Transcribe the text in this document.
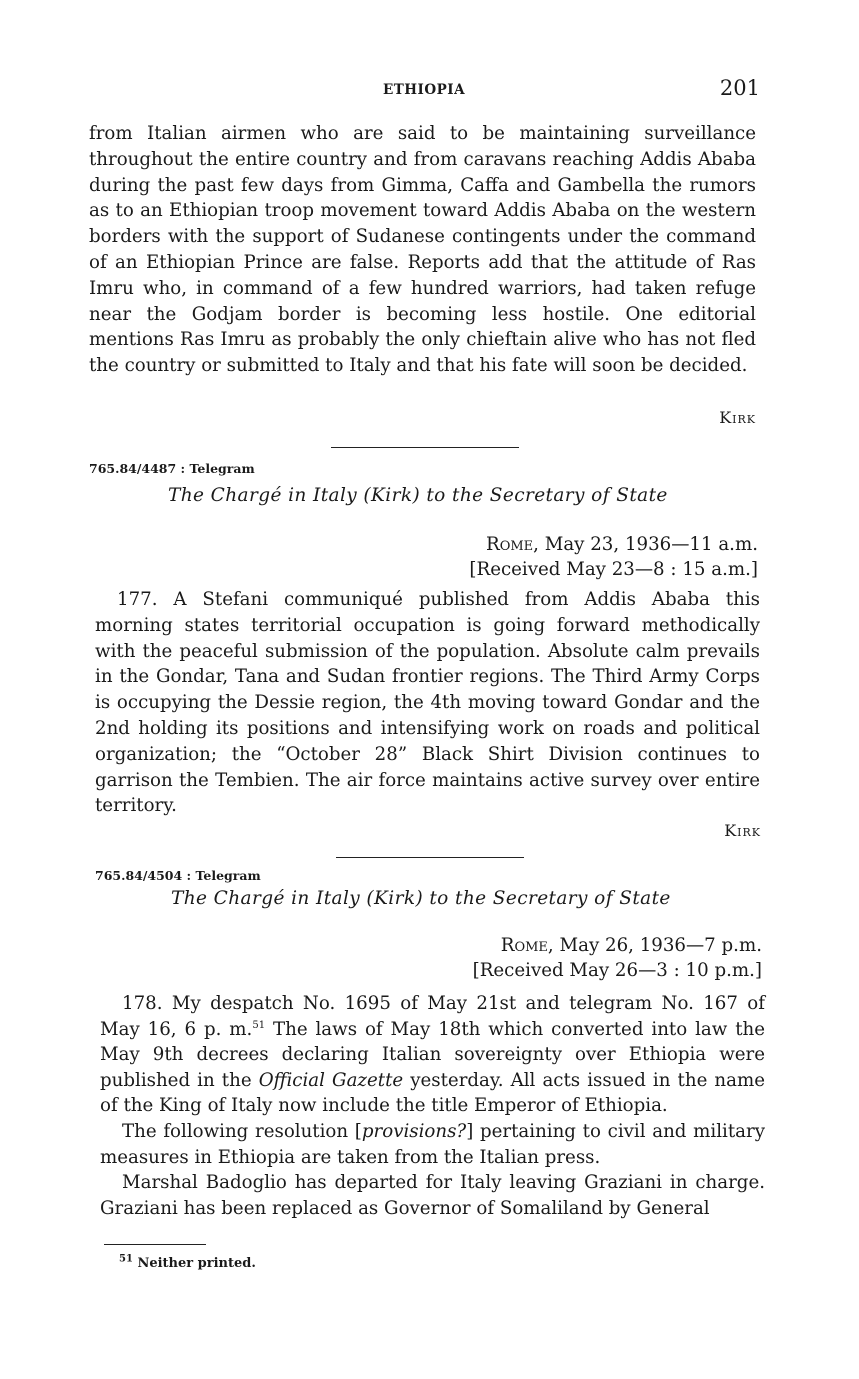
ETHIOPIA	201
from Italian airmen who are said to be maintaining surveillance throughout the entire country and from caravans reaching Addis Ababa during the past few days from Gimma, Caffa and Gambella the rumors as to an Ethiopian troop movement toward Addis Ababa on the western borders with the support of Sudanese contingents under the command of an Ethiopian Prince are false. Reports add that the attitude of Ras Imru who, in command of a few hundred warriors, had taken refuge near the Godjam border is becoming less hostile. One editorial mentions Ras Imru as probably the only chieftain alive who has not fled the country or submitted to Italy and that his fate will soon be decided.
Kirk
765.84/4487 : Telegram
The Chargé in Italy (Kirk) to the Secretary of State
Rome, May 23, 1936—11 a.m.
[Received May 23—8 : 15 a.m.]
177. A Stefani communiqué published from Addis Ababa this morning states territorial occupation is going forward methodically with the peaceful submission of the population. Absolute calm prevails in the Gondar, Tana and Sudan frontier regions. The Third Army Corps is occupying the Dessie region, the 4th moving toward Gondar and the 2nd holding its positions and intensifying work on roads and political organization; the “October 28” Black Shirt Division continues to garrison the Tembien. The air force maintains active survey over entire territory.
Kirk
765.84/4504 : Telegram
The Chargé in Italy (Kirk) to the Secretary of State
Rome, May 26, 1936—7 p.m.
[Received May 26—3 : 10 p.m.]
178. My despatch No. 1695 of May 21st and telegram No. 167 of May 16, 6 p. m.$^{51}$ The laws of May 18th which converted into law the May 9th decrees declaring Italian sovereignty over Ethiopia were published in the Official Gazette yesterday. All acts issued in the name of the King of Italy now include the title Emperor of Ethiopia.
The following resolution [provisions?] pertaining to civil and military measures in Ethiopia are taken from the Italian press.
Marshal Badoglio has departed for Italy leaving Graziani in charge. Graziani has been replaced as Governor of Somaliland by General
$^{51}$ Neither printed.
